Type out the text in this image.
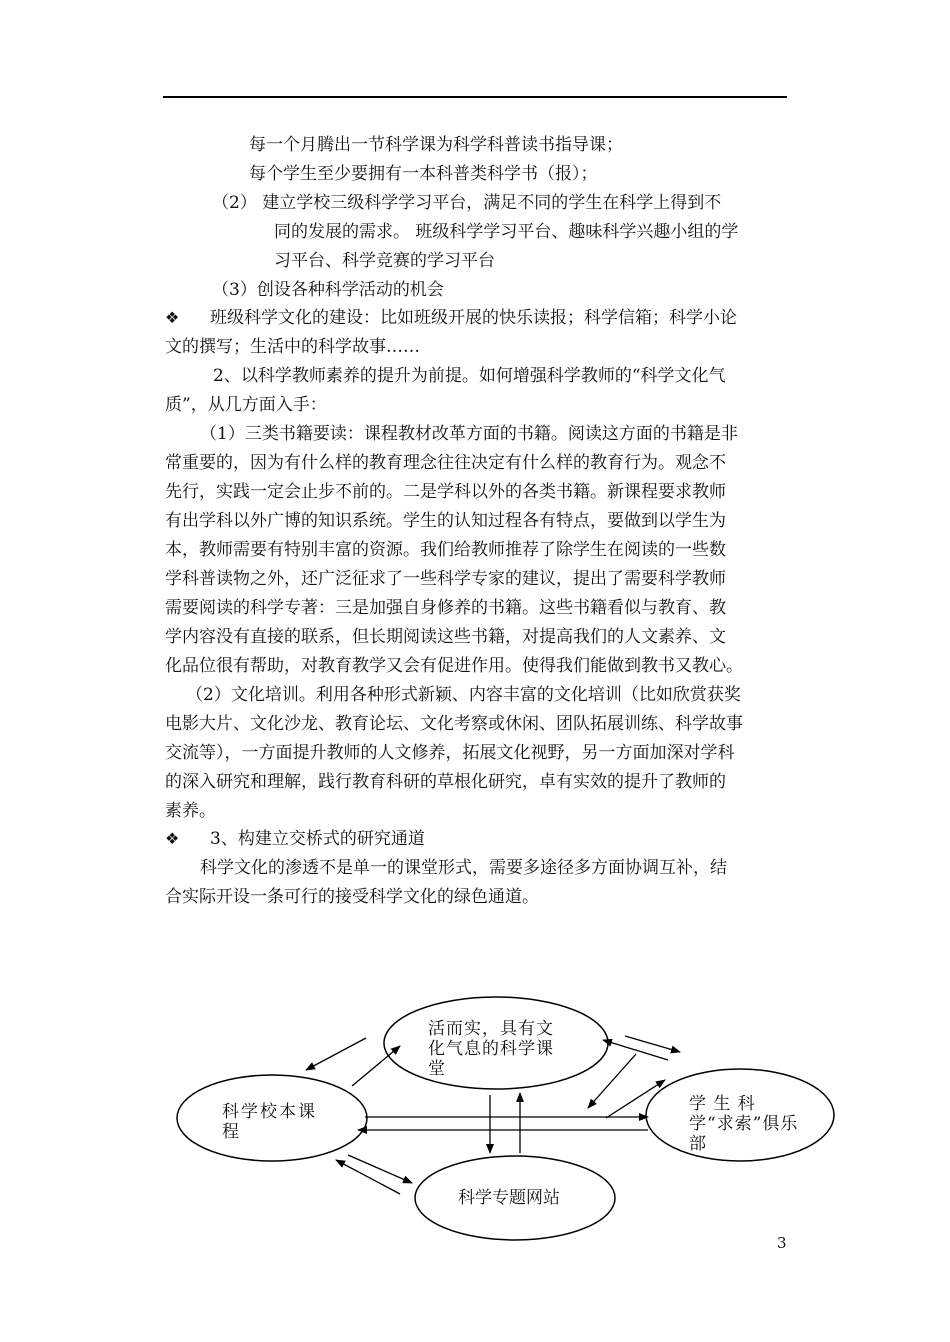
每一个月腾出一节科学课为科学科普读书指导课；
每个学生至少要拥有一本科普类科学书（报）；
（2） 建立学校三级科学学习平台，满足不同的学生在科学上得到不
同的发展的需求。 班级科学学习平台、趣味科学兴趣小组的学
习平台、科学竞赛的学习平台
（3）创设各种科学活动的机会
❖ 班级科学文化的建设：比如班级开展的快乐读报；科学信箱；科学小论
文的撰写；生活中的科学故事……
2、以科学教师素养的提升为前提。如何增强科学教师的“科学文化气
质”，从几方面入手：
（1）三类书籍要读：课程教材改革方面的书籍。阅读这方面的书籍是非
常重要的，因为有什么样的教育理念往往决定有什么样的教育行为。观念不
先行，实践一定会止步不前的。二是学科以外的各类书籍。新课程要求教师
有出学科以外广博的知识系统。学生的认知过程各有特点，要做到以学生为
本，教师需要有特别丰富的资源。我们给教师推荐了除学生在阅读的一些数
学科普读物之外，还广泛征求了一些科学专家的建议，提出了需要科学教师
需要阅读的科学专著：三是加强自身修养的书籍。这些书籍看似与教育、教
学内容没有直接的联系，但长期阅读这些书籍，对提高我们的人文素养、文
化品位很有帮助，对教育教学又会有促进作用。使得我们能做到教书又教心。
（2）文化培训。利用各种形式新颖、内容丰富的文化培训（比如欣赏获奖
电影大片、文化沙龙、教育论坛、文化考察或休闲、团队拓展训练、科学故事
交流等），一方面提升教师的人文修养，拓展文化视野，另一方面加深对学科
的深入研究和理解，践行教育科研的草根化研究，卓有实效的提升了教师的
素养。
❖ 3、构建立交桥式的研究通道
科学文化的渗透不是单一的课堂形式，需要多途径多方面协调互补，结
合实际开设一条可行的接受科学文化的绿色通道。
活而实，具有文化气息的科学课堂
科学校本课程
学 生 科 学“求索”俱乐部
科学专题网站
3
